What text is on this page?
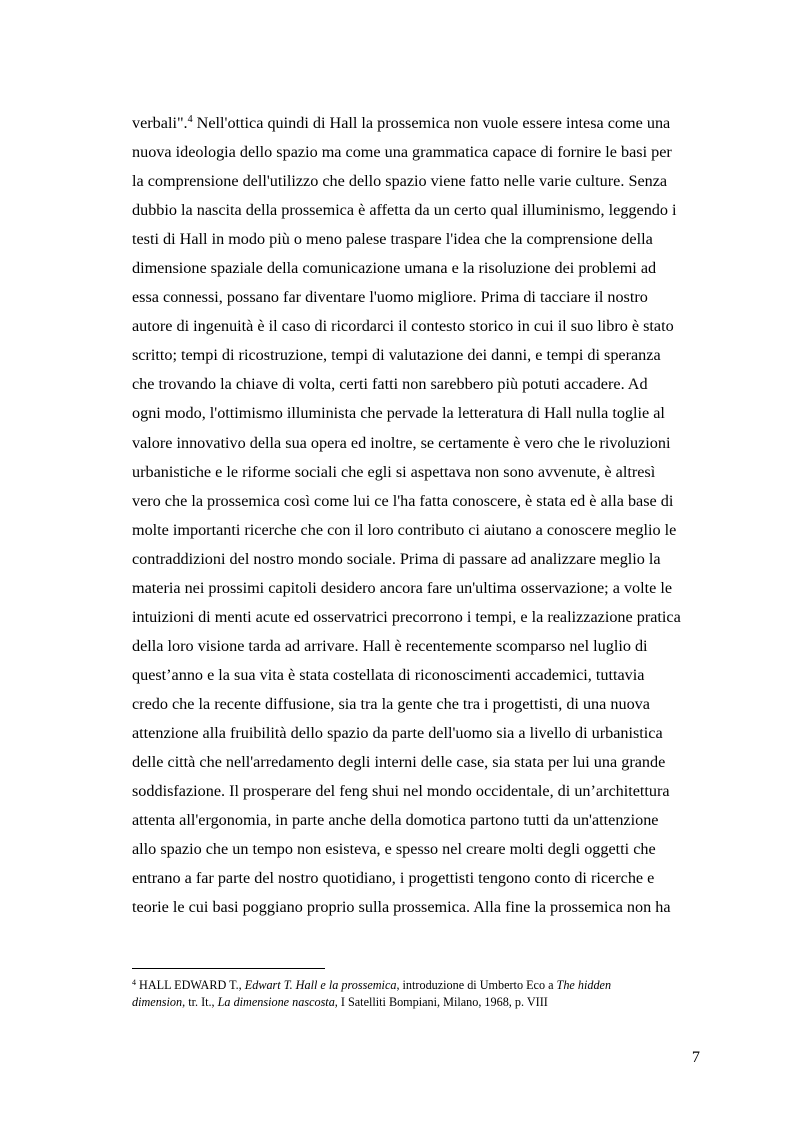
verbali".$^4$ Nell'ottica quindi di Hall la prossemica non vuole essere intesa come una
nuova ideologia dello spazio ma come una grammatica capace di fornire le basi per
la comprensione dell'utilizzo che dello spazio viene fatto nelle varie culture. Senza
dubbio la nascita della prossemica è affetta da un certo qual illuminismo, leggendo i
testi di Hall in modo più o meno palese traspare l'idea che la comprensione della
dimensione spaziale della comunicazione umana e la risoluzione dei problemi ad
essa connessi, possano far diventare l'uomo migliore. Prima di tacciare il nostro
autore di ingenuità è il caso di ricordarci il contesto storico in cui il suo libro è stato
scritto; tempi di ricostruzione, tempi di valutazione dei danni, e tempi di speranza
che trovando la chiave di volta, certi fatti non sarebbero più potuti accadere. Ad
ogni modo, l'ottimismo illuminista che pervade la letteratura di Hall nulla toglie al
valore innovativo della sua opera ed inoltre, se certamente è vero che le rivoluzioni
urbanistiche e le riforme sociali che egli si aspettava non sono avvenute, è altresì
vero che la prossemica così come lui ce l'ha fatta conoscere, è stata ed è alla base di
molte importanti ricerche che con il loro contributo ci aiutano a conoscere meglio le
contraddizioni del nostro mondo sociale. Prima di passare ad analizzare meglio la
materia nei prossimi capitoli desidero ancora fare un'ultima osservazione; a volte le
intuizioni di menti acute ed osservatrici precorrono i tempi, e la realizzazione pratica
della loro visione tarda ad arrivare. Hall è recentemente scomparso nel luglio di
quest’anno e la sua vita è stata costellata di riconoscimenti accademici, tuttavia
credo che la recente diffusione, sia tra la gente che tra i progettisti, di una nuova
attenzione alla fruibilità dello spazio da parte dell'uomo sia a livello di urbanistica
delle città che nell'arredamento degli interni delle case, sia stata per lui una grande
soddisfazione. Il prosperare del feng shui nel mondo occidentale, di un’architettura
attenta all'ergonomia, in parte anche della domotica partono tutti da un'attenzione
allo spazio che un tempo non esisteva, e spesso nel creare molti degli oggetti che
entrano a far parte del nostro quotidiano, i progettisti tengono conto di ricerche e
teorie le cui basi poggiano proprio sulla prossemica. Alla fine la prossemica non ha
$^4$ HALL EDWARD T., Edwart T. Hall e la prossemica, introduzione di Umberto Eco a The hidden
dimension, tr. It., La dimensione nascosta, I Satelliti Bompiani, Milano, 1968, p. VIII
7
